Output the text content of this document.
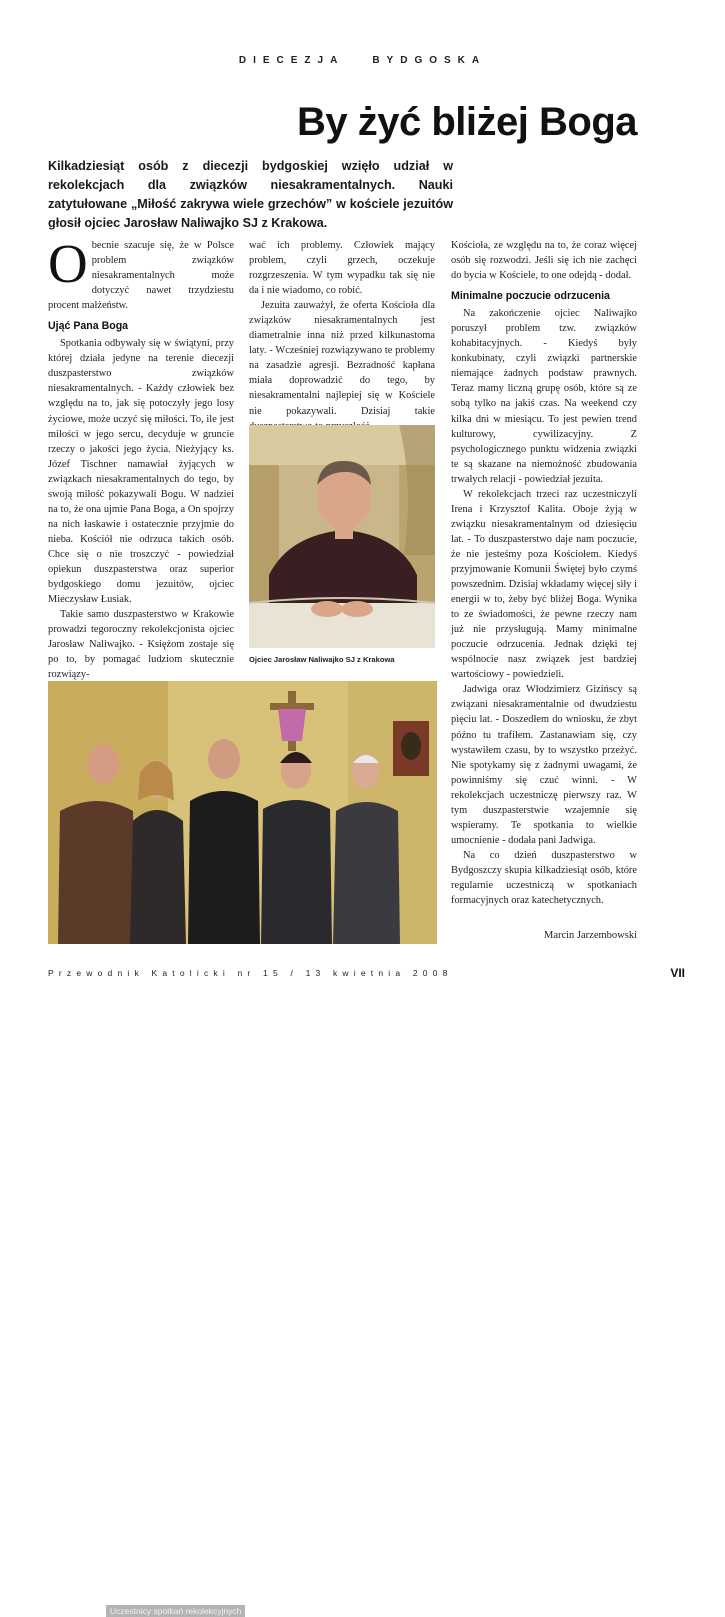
DIECEZJA	BYDGOSKA
By żyć bliżej Boga
Kilkadziesiąt osób z diecezji bydgoskiej wzięło udział w rekolekcjach dla związków niesakramentalnych. Nauki zatytułowane „Miłość zakrywa wiele grzechów” w kościele jezuitów głosił ojciec Jarosław Naliwajko SJ z Krakowa.

Obecnie szacuje się, że w Polsce problem związków niesakramentalnych może dotyczyć nawet trzydziestu procent małżeństw.

Ująć Pana Boga

Spotkania odbywały się w świątyni, przy której działa jedyne na terenie diecezji duszpasterstwo związków niesakramentalnych. - Każdy człowiek bez względu na to, jak się potoczyły jego losy życiowe, może uczyć się miłości. To, ile jest miłości w jego sercu, decyduje w gruncie rzeczy o jakości jego życia. Nieżyjący ks. Józef Tischner namawiał żyjących w związkach niesakramentalnych do tego, by swoją miłość pokazywali Bogu. W nadziei na to, że ona ujmie Pana Boga, a On spojrzy na nich łaskawie i ostatecznie przyjmie do nieba. Kościół nie odrzuca takich osób. Chce się o nie troszczyć - powiedział opiekun duszpasterstwa oraz superior bydgoskiego domu jezuitów, ojciec Mieczysław Łusiak.

Takie samo duszpasterstwo w Krakowie prowadzi tegoroczny rekolekcjonista ojciec Jarosław Naliwajko. - Księżom zostaje się po to, by pomagać ludziom skutecznie rozwiązy-

wać ich problemy. Człowiek mający problem, czyli grzech, oczekuje rozgrzeszenia. W tym wypadku tak się nie da i nie wiadomo, co robić.

Jezuita zauważył, że oferta Kościoła dla związków niesakramentalnych jest diametralnie inna niż przed kilkunastoma laty. - Wcześniej rozwiązywano te problemy na zasadzie agresji. Bezradność kapłana miała doprowadzić do tego, by niesakramentalni najlepiej się w Kościele nie pokazywali. Dzisiaj takie

Ojciec Jarosław Naliwajko SJ z Krakowa

Kościoła, ze względu na to, że coraz więcej osób się rozwodzi. Jeśli się ich nie zachęci do bycia w Kościele, to one odejdą - dodał.

Minimalne poczucie odrzucenia

Na zakończenie ojciec Naliwajko poruszył problem tzw. związków kohabitacyjnych. - Kiedyś były konkubinaty, czyli związki partnerskie niemające żadnych podstaw prawnych. Teraz mamy liczną grupę osób, które są ze sobą tylko na jakiś czas. Na weekend czy kilka dni w miesiącu. To jest pewien trend kulturowy, cywilizacyjny. Z psychologicznego punktu widzenia związki te są skazane na niemożność zbudowania trwałych relacji - powiedział jezuita.

W rekolekcjach trzeci raz uczestniczyli Irena i Krzysztof Kalita. Oboje żyją w związku niesakramentalnym od dziesięciu lat. - To duszpasterstwo daje nam poczucie, że nie jesteśmy poza Kościołem. Kiedyś przyjmowanie Komunii Świętej było czymś powszednim. Dzisiaj wkładamy więcej siły i energii w to, żeby być bliżej Boga. Wynika to ze świadomości, że pewne rzeczy nam już nie przysługują. Mamy minimalne poczucie odrzucenia. Jednak dzięki tej wspólnocie nasz związek jest bardziej wartościowy - powiedzieli.

Jadwiga oraz Włodzimierz Gizińscy są związani niesakramentalnie od dwudziestu pięciu lat. - Doszedłem do wniosku, że zbyt późno tu trafiłem. Zastanawiam się, czy wystawiłem czasu, by to wszystko przeżyć. Nie spotykamy się z żadnymi uwagami, że powinniśmy się czuć winni. - W rekolekcjach uczestniczę pierwszy raz. W tym duszpasterstwie wzajemnie się wspieramy. Te spotkania to wielkie umocnienie - dodała pani Jadwiga.

Na co dzień duszpasterstwo w Bydgoszczy skupia kilkadziesiąt osób, które regularnie uczestniczą w spotkaniach formacyjnych oraz katechetycznych.

Marcin Jarzembowski
Uczestnicy spotkań rekolekcyjnych
Przewodnik Katolicki nr 15 / 13 kwietnia 2008	VII
